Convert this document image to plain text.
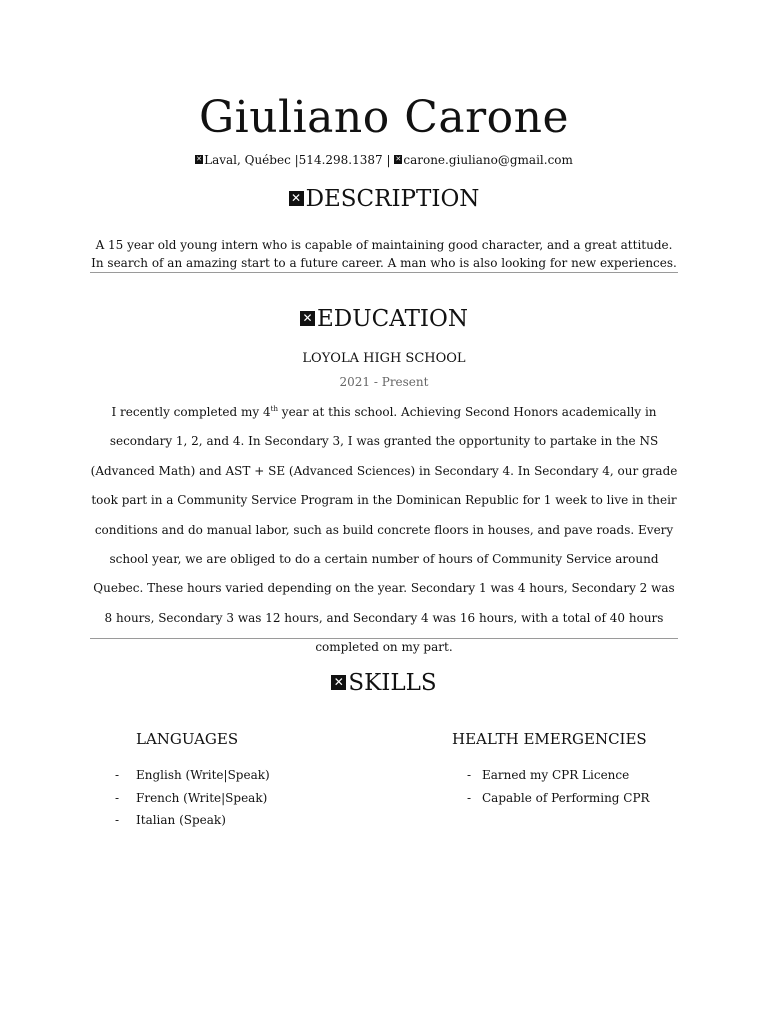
Giuliano Carone
✕ Laval, Québec |514.298.1387 | ✕ carone.giuliano@gmail.com
✕ DESCRIPTION
A 15 year old young intern who is capable of maintaining good character, and a great attitude. In search of an amazing start to a future career. A man who is also looking for new experiences.
✕ EDUCATION
LOYOLA HIGH SCHOOL
2021 - Present
I recently completed my 4th year at this school. Achieving Second Honors academically in secondary 1, 2, and 4. In Secondary 3, I was granted the opportunity to partake in the NS (Advanced Math) and AST + SE (Advanced Sciences) in Secondary 4. In Secondary 4, our grade took part in a Community Service Program in the Dominican Republic for 1 week to live in their conditions and do manual labor, such as build concrete floors in houses, and pave roads. Every school year, we are obliged to do a certain number of hours of Community Service around Quebec. These hours varied depending on the year. Secondary 1 was 4 hours, Secondary 2 was 8 hours, Secondary 3 was 12 hours, and Secondary 4 was 16 hours, with a total of 40 hours completed on my part.
✕ SKILLS
LANGUAGES
- English (Write|Speak)
- French (Write|Speak)
- Italian (Speak)
HEALTH EMERGENCIES
- Earned my CPR Licence
- Capable of Performing CPR
